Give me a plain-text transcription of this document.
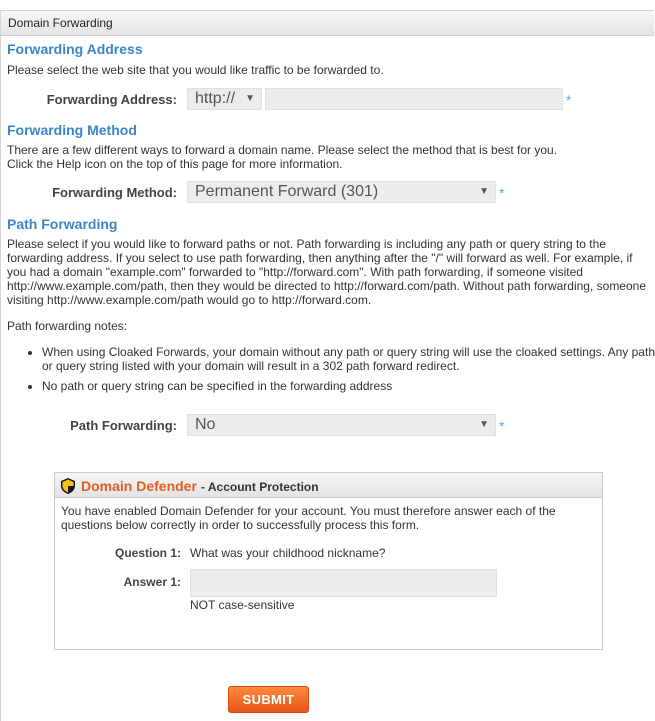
Domain Forwarding
Forwarding Address
Please select the web site that you would like traffic to be forwarded to.
Forwarding Address:	http:// ▼	*
Forwarding Method
There are a few different ways to forward a domain name. Please select the method that is best for you.
Click the Help icon on the top of this page for more information.
Forwarding Method:	Permanent Forward (301)	▼ *
Path Forwarding
Please select if you would like to forward paths or not. Path forwarding is including any path or query string to the
forwarding address. If you select to use path forwarding, then anything after the "/" will forward as well. For example, if
you had a domain "example.com" forwarded to "http://forward.com". With path forwarding, if someone visited
http://www.example.com/path, then they would be directed to http://forward.com/path. Without path forwarding, someone
visiting http://www.example.com/path would go to http://forward.com.
Path forwarding notes:
• When using Cloaked Forwards, your domain without any path or query string will use the cloaked settings. Any path or query string listed with your domain will result in a 302 path forward redirect.
• No path or query string can be specified in the forwarding address
Path Forwarding:	No	▼ *
Domain Defender - Account Protection
You have enabled Domain Defender for your account. You must therefore answer each of the
questions below correctly in order to successfully process this form.
Question 1: What was your childhood nickname?
Answer 1:
NOT case-sensitive
SUBMIT
